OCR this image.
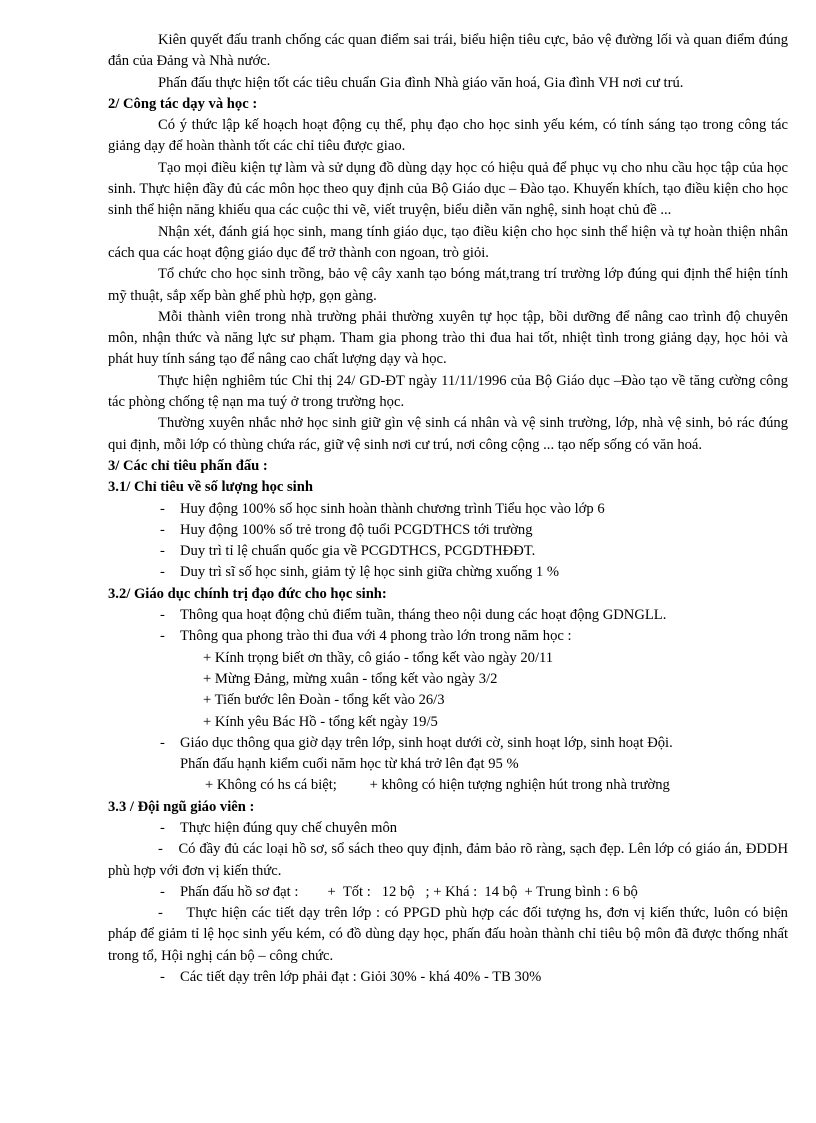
Kiên quyết đấu tranh chống các quan điểm sai trái, biểu hiện tiêu cực, bảo vệ đường lối và quan điểm đúng đắn của Đảng và Nhà nước.

Phấn đấu thực hiện tốt các tiêu chuẩn Gia đình Nhà giáo văn hoá, Gia đình VH nơi cư trú.

2/ Công tác dạy và học :

Có ý thức lập kế hoạch hoạt động cụ thể, phụ đạo cho học sinh yếu kém, có tính sáng tạo trong công tác giảng dạy để hoàn thành tốt các chỉ tiêu được giao.

Tạo mọi điều kiện tự làm và sử dụng đồ dùng dạy học có hiệu quả để phục vụ cho nhu cầu học tập của học sinh. Thực hiện đầy đủ các môn học theo quy định của Bộ Giáo dục – Đào tạo. Khuyến khích, tạo điều kiện cho học sinh thể hiện năng khiếu qua các cuộc thi vẽ, viết truyện, biểu diễn văn nghệ, sinh hoạt chủ đề ...

Nhận xét, đánh giá học sinh, mang tính giáo dục, tạo điều kiện cho học sinh thể hiện và tự hoàn thiện nhân cách qua các hoạt động giáo dục để trở thành con ngoan, trò giỏi.

Tổ chức cho học sinh trồng, bảo vệ cây xanh tạo bóng mát,trang trí trường lớp đúng qui định thể hiện tính mỹ thuật, sắp xếp bàn ghế phù hợp, gọn gàng.

Mỗi thành viên trong nhà trường phải thường xuyên tự học tập, bồi dưỡng để nâng cao trình độ chuyên môn, nhận thức và năng lực sư phạm. Tham gia phong trào thi đua hai tốt, nhiệt tình trong giảng dạy, học hỏi và phát huy tính sáng tạo để nâng cao chất lượng dạy và học.

Thực hiện nghiêm túc Chỉ thị 24/ GD-ĐT ngày 11/11/1996 của Bộ Giáo dục –Đào tạo về tăng cường công tác phòng chống tệ nạn ma tuý ở trong trường học.

Thường xuyên nhắc nhở học sinh giữ gìn vệ sinh cá nhân và vệ sinh trường, lớp, nhà vệ sinh, bỏ rác đúng qui định, mỗi lớp có thùng chứa rác, giữ vệ sinh nơi cư trú, nơi công cộng ... tạo nếp sống có văn hoá.

3/ Các chỉ tiêu phấn đấu :

3.1/ Chỉ tiêu về số lượng học sinh

- Huy động 100% số học sinh hoàn thành chương trình Tiểu học vào lớp 6

- Huy động 100% số trẻ trong độ tuổi PCGDTHCS tới trường

- Duy trì tỉ lệ chuẩn quốc gia về PCGDTHCS, PCGDTHĐĐT.

- Duy trì sĩ số học sinh, giảm tỷ lệ học sinh giữa chừng xuống 1 %

3.2/ Giáo dục chính trị đạo đức cho học sinh:

- Thông qua hoạt động chủ điểm tuần, tháng theo nội dung các hoạt động GDNGLL.

- Thông qua phong trào thi đua với 4 phong trào lớn trong năm học :

+ Kính trọng biết ơn thầy, cô giáo - tổng kết vào ngày 20/11

+ Mừng Đảng, mừng xuân - tổng kết vào ngày 3/2

+ Tiến bước lên Đoàn - tổng kết vào 26/3

+ Kính yêu Bác Hồ - tổng kết ngày 19/5

- Giáo dục thông qua giờ dạy trên lớp, sinh hoạt dưới cờ, sinh hoạt lớp, sinh hoạt Đội.

Phấn đấu hạnh kiểm cuối năm học từ khá trở lên đạt 95 %

+ Không có hs cá biệt;         + không có hiện tượng nghiện hút trong nhà trường

3.3 / Đội ngũ giáo viên :

- Thực hiện đúng quy chế chuyên môn

- Có đầy đủ các loại hồ sơ, sổ sách theo quy định, đảm bảo rõ ràng, sạch đẹp. Lên lớp có giáo án, ĐDDH phù hợp với đơn vị kiến thức.

- Phấn đấu hồ sơ đạt :        +  Tốt :   12 bộ   ; + Khá :  14 bộ  + Trung bình : 6 bộ

- Thực hiện các tiết dạy trên lớp : có PPGD phù hợp các đối tượng hs, đơn vị kiến thức, luôn có biện pháp để giảm tỉ lệ học sinh yếu kém, có đồ dùng dạy học, phấn đấu hoàn thành chỉ tiêu bộ môn đã được thống nhất trong tổ, Hội nghị cán bộ – công chức.

- Các tiết dạy trên lớp phải đạt : Giỏi 30% - khá 40% - TB 30%
